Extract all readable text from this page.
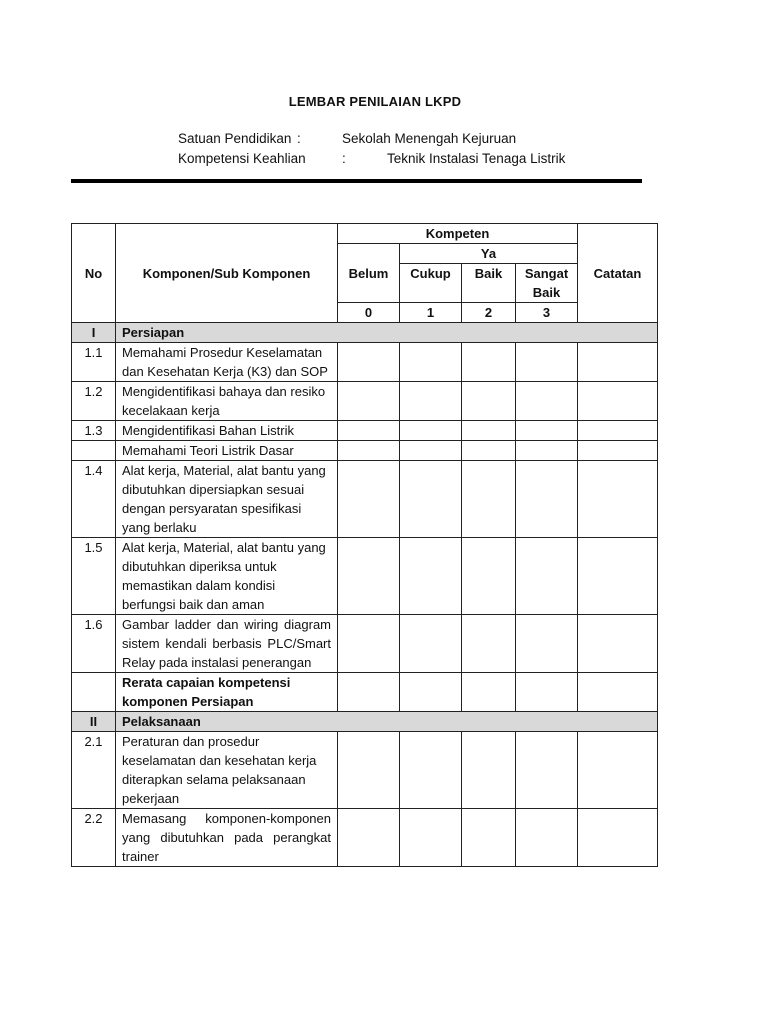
LEMBAR PENILAIAN LKPD
Satuan Pendidikan :	Sekolah Menengah Kejuruan
Kompetensi Keahlian	:	Teknik Instalasi Tenaga Listrik
No	Komponen/Sub Komponen	Kompeten				Catatan
		Belum	Ya			
			Cukup	Baik	Sangat Baik	
		0	1	2	3	
I	Persiapan					
1.1	Memahami Prosedur Keselamatan dan Kesehatan Kerja (K3) dan SOP					
1.2	Mengidentifikasi bahaya dan resiko kecelakaan kerja					
1.3	Mengidentifikasi Bahan Listrik					
	Memahami Teori Listrik Dasar					
1.4	Alat kerja, Material, alat bantu yang dibutuhkan dipersiapkan sesuai dengan persyaratan spesifikasi yang berlaku					
1.5	Alat kerja, Material, alat bantu yang dibutuhkan diperiksa untuk memastikan dalam kondisi berfungsi baik dan aman					
1.6	Gambar ladder dan wiring diagram sistem kendali berbasis PLC/Smart Relay pada instalasi penerangan					
	Rerata capaian kompetensi komponen Persiapan					
II	Pelaksanaan					
2.1	Peraturan dan prosedur keselamatan dan kesehatan kerja diterapkan selama pelaksanaan pekerjaan					
2.2	Memasang komponen-komponen yang dibutuhkan pada perangkat trainer					
